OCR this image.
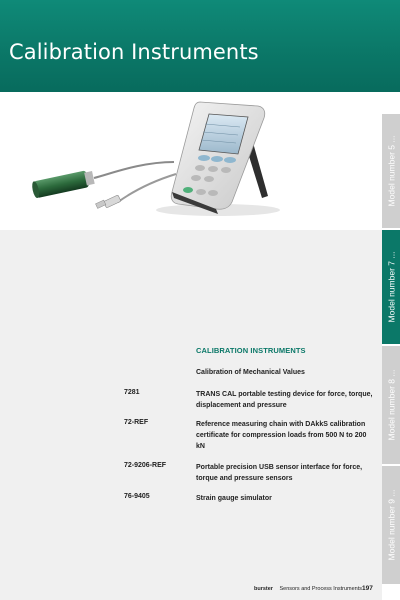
Calibration Instruments
Model number 5 ...
Model number 7 ...
Model number 8 ...
Model number 9 ...
CALIBRATION INSTRUMENTS
Calibration of Mechanical Values
7281	TRANS CAL portable testing device for force, torque, displacement and pressure
72-REF	Reference measuring chain with DAkkS calibration certificate for compression loads from 500 N to 200 kN
72-9206-REF	Portable precision USB sensor interface for force, torque and pressure sensors
76-9405	Strain gauge simulator
burster Sensors and Process Instruments 197
